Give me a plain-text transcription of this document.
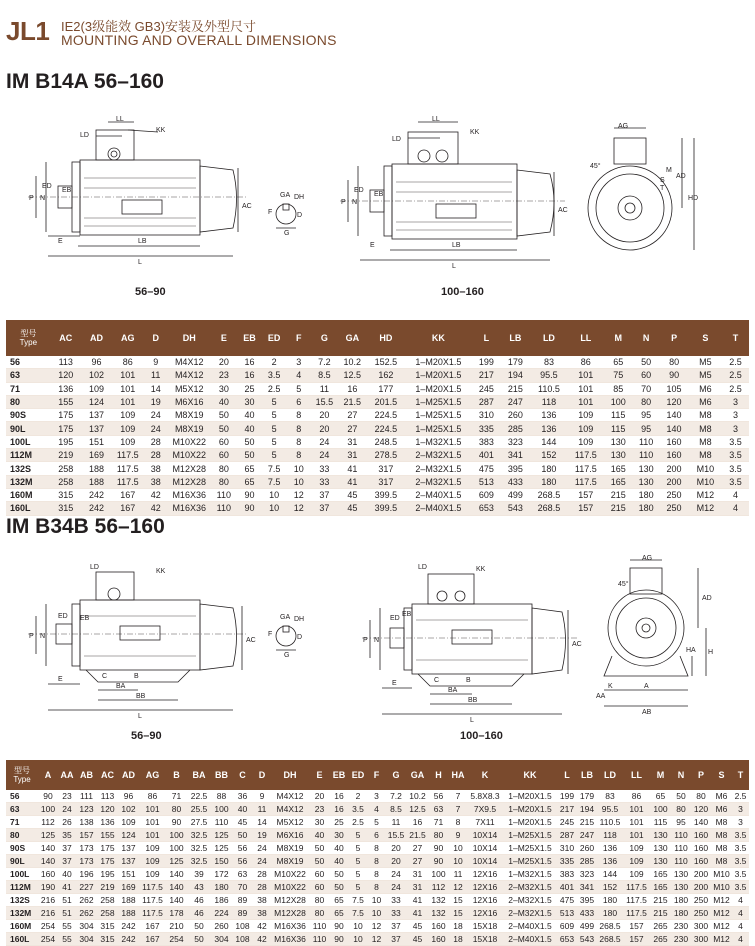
JL1 IE2(3级能效 GB3)安装及外型尺寸
MOUNTING AND OVERALL DIMENSIONS
IM B14A 56–160
LL
LD
KK
ED
EB
P N
E	LB
L
AC
GA DH
F	D
G
LL
LD
KK
ED
EB
P N
E	LB
L
AC
AG
45°
M
S
T
AD
HD
56–90	100–160
型号
Type	AC	AD	AG	D	DH	E	EB	ED	F	G	GA	HD	KK	L	LB	LD	LL	M	N	P	S	T
56	113	96	86	9	M4X12	20	16	2	3	7.2	10.2	152.5	1–M20X1.5	199	179	83	86	65	50	80	M5	2.5
63	120	102	101	11	M4X12	23	16	3.5	4	8.5	12.5	162	1–M20X1.5	217	194	95.5	101	75	60	90	M5	2.5
71	136	109	101	14	M5X12	30	25	2.5	5	11	16	177	1–M20X1.5	245	215	110.5	101	85	70	105	M6	2.5
80	155	124	101	19	M6X16	40	30	5	6	15.5	21.5	201.5	1–M25X1.5	287	247	118	101	100	80	120	M6	3
90S	175	137	109	24	M8X19	50	40	5	8	20	27	224.5	1–M25X1.5	310	260	136	109	115	95	140	M8	3
90L	175	137	109	24	M8X19	50	40	5	8	20	27	224.5	1–M25X1.5	335	285	136	109	115	95	140	M8	3
100L	195	151	109	28	M10X22	60	50	5	8	24	31	248.5	1–M32X1.5	383	323	144	109	130	110	160	M8	3.5
112M	219	169	117.5	28	M10X22	60	50	5	8	24	31	278.5	2–M32X1.5	401	341	152	117.5	130	110	160	M8	3.5
132S	258	188	117.5	38	M12X28	80	65	7.5	10	33	41	317	2–M32X1.5	475	395	180	117.5	165	130	200	M10	3.5
132M	258	188	117.5	38	M12X28	80	65	7.5	10	33	41	317	2–M32X1.5	513	433	180	117.5	165	130	200	M10	3.5
160M	315	242	167	42	M16X36	110	90	10	12	37	45	399.5	2–M40X1.5	609	499	268.5	157	215	180	250	M12	4
160L	315	242	167	42	M16X36	110	90	10	12	37	45	399.5	2–M40X1.5	653	543	268.5	157	215	180	250	M12	4
IM B34B 56–160
LD
KK
ED EB
P N
E	C	B
BA
BB
L
AC
GA DH
F	D
G
LD	KK
ED
EB
P N
E	C	B
BA
BB
L
AC
AG
45°
AD
H
HA
A
K
AA
AB
56–90	100–160
型号
Type	A	AA	AB	AC	AD	AG	B	BA	BB	C	D	DH	E	EB	ED	F	G	GA	H	HA	K	KK	L	LB	LD	LL	M	N	P	S	T
56	90	23	111	113	96	86	71	22.5	88	36	9	M4X12	20	16	2	3	7.2	10.2	56	7	5.8X8.3	1–M20X1.5	199	179	83	86	65	50	80	M6	2.5
63	100	24	123	120	102	101	80	25.5	100	40	11	M4X12	23	16	3.5	4	8.5	12.5	63	7	7X9.5	1–M20X1.5	217	194	95.5	101	100	80	120	M6	3
71	112	26	138	136	109	101	90	27.5	110	45	14	M5X12	30	25	2.5	5	11	16	71	8	7X11	1–M20X1.5	245	215	110.5	101	115	95	140	M8	3
80	125	35	157	155	124	101	100	32.5	125	50	19	M6X16	40	30	5	6	15.5	21.5	80	9	10X14	1–M25X1.5	287	247	118	101	130	110	160	M8	3.5
90S	140	37	173	175	137	109	100	32.5	125	56	24	M8X19	50	40	5	8	20	27	90	10	10X14	1–M25X1.5	310	260	136	109	130	110	160	M8	3.5
90L	140	37	173	175	137	109	125	32.5	150	56	24	M8X19	50	40	5	8	20	27	90	10	10X14	1–M25X1.5	335	285	136	109	130	110	160	M8	3.5
100L	160	40	196	195	151	109	140	39	172	63	28	M10X22	60	50	5	8	24	31	100	11	12X16	1–M32X1.5	383	323	144	109	165	130	200	M10	3.5
112M	190	41	227	219	169	117.5	140	43	180	70	28	M10X22	60	50	5	8	24	31	112	12	12X16	2–M32X1.5	401	341	152	117.5	165	130	200	M10	3.5
132S	216	51	262	258	188	117.5	140	46	186	89	38	M12X28	80	65	7.5	10	33	41	132	15	12X16	2–M32X1.5	475	395	180	117.5	215	180	250	M12	4
132M	216	51	262	258	188	117.5	178	46	224	89	38	M12X28	80	65	7.5	10	33	41	132	15	12X16	2–M32X1.5	513	433	180	117.5	215	180	250	M12	4
160M	254	55	304	315	242	167	210	50	260	108	42	M16X36	110	90	10	12	37	45	160	18	15X18	2–M40X1.5	609	499	268.5	157	265	230	300	M12	4
160L	254	55	304	315	242	167	254	50	304	108	42	M16X36	110	90	10	12	37	45	160	18	15X18	2–M40X1.5	653	543	268.5	157	265	230	300	M12	4
